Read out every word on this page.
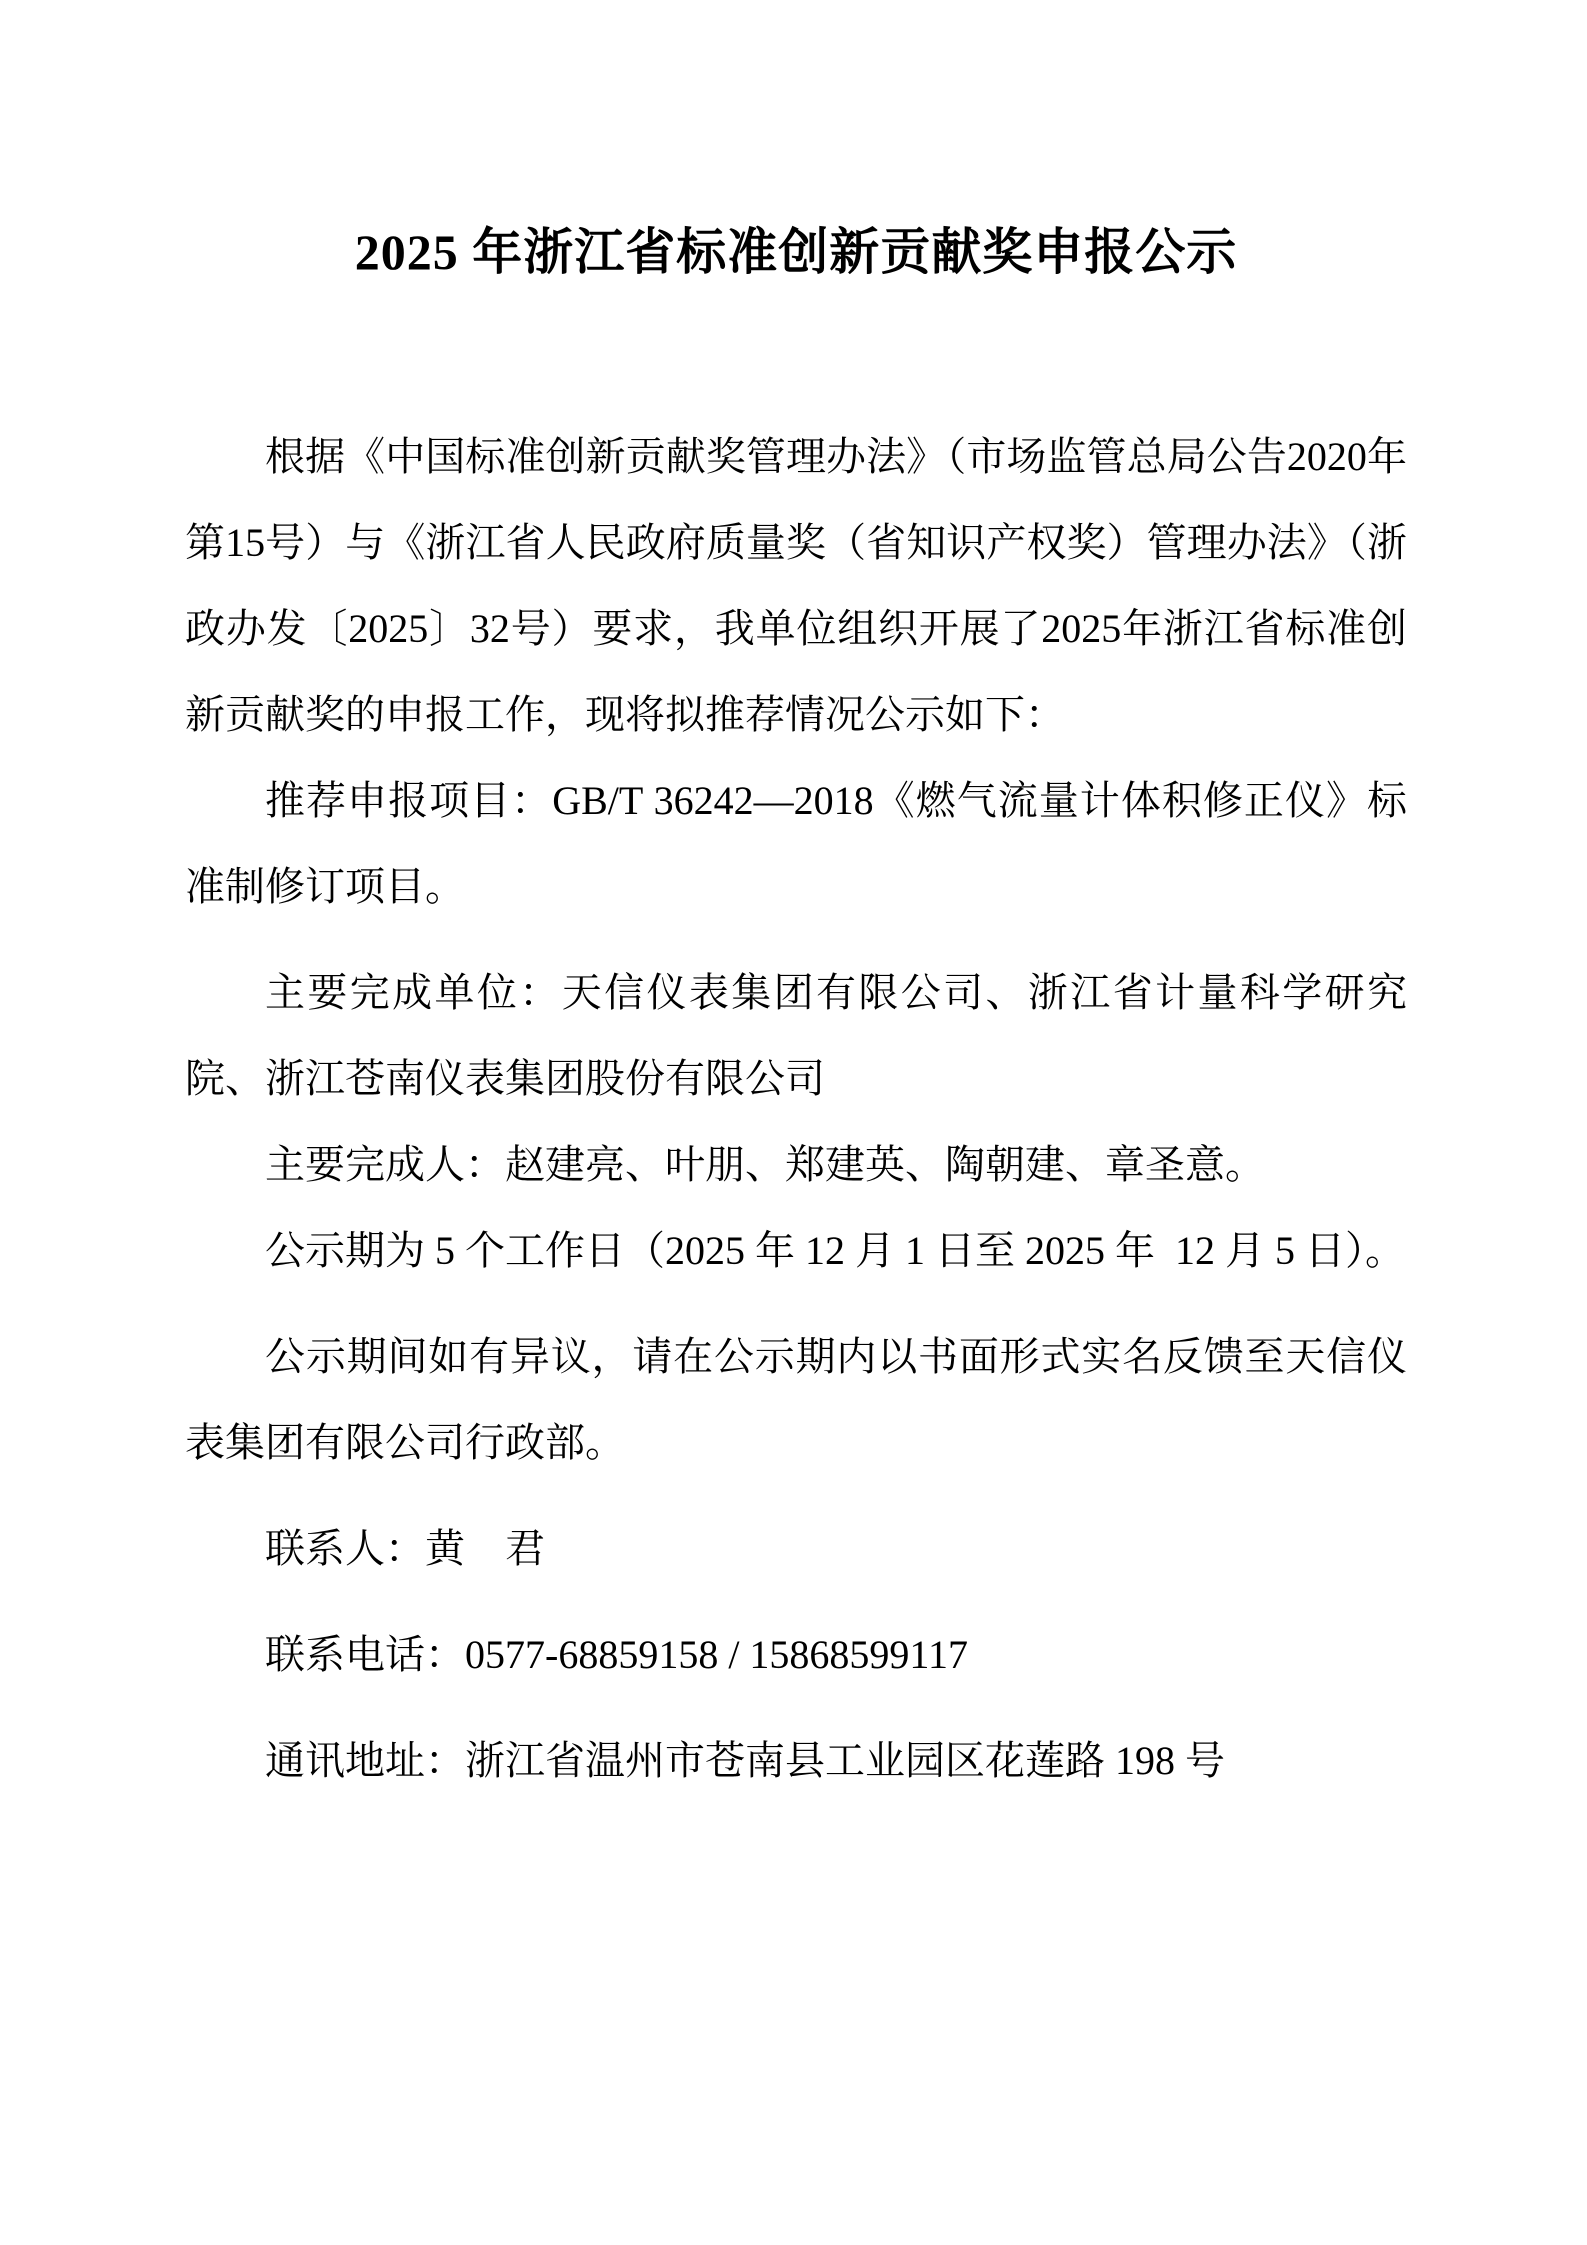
2025 年浙江省标准创新贡献奖申报公示

根据《中国标准创新贡献奖管理办法》（市场监管总局公告2020年第15号）与《浙江省人民政府质量奖（省知识产权奖）管理办法》（浙政办发〔2025〕32号）要求，我单位组织开展了2025年浙江省标准创新贡献奖的申报工作，现将拟推荐情况公示如下：

推荐申报项目：GB/T 36242—2018《燃气流量计体积修正仪》标准制修订项目。

主要完成单位：天信仪表集团有限公司、浙江省计量科学研究院、浙江苍南仪表集团股份有限公司

主要完成人：赵建亮、叶朋、郑建英、陶朝建、章圣意。

公示期为 5 个工作日（2025 年 12 月 1 日至 2025 年  12 月 5 日）。

公示期间如有异议，请在公示期内以书面形式实名反馈至天信仪表集团有限公司行政部。

联系人：黄　君

联系电话：0577-68859158 / 15868599117

通讯地址：浙江省温州市苍南县工业园区花莲路 198 号
